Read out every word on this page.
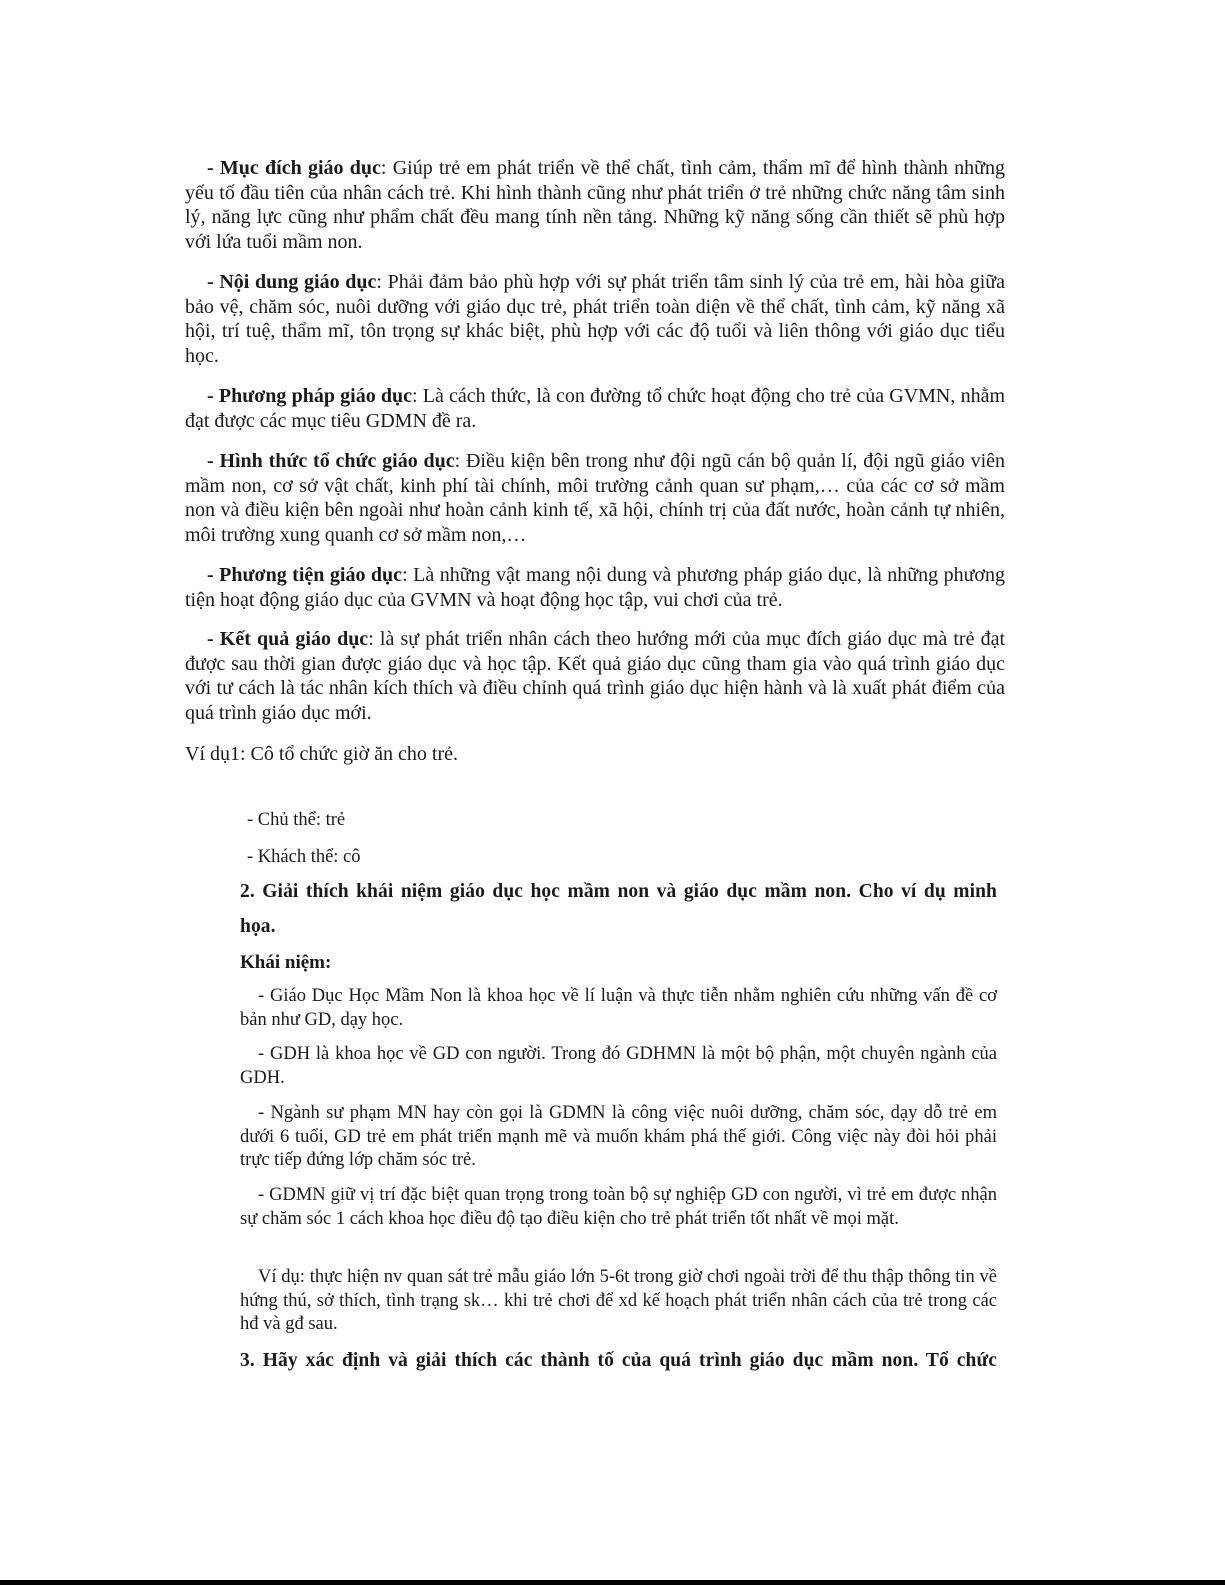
- Mục đích giáo dục: Giúp trẻ em phát triển về thể chất, tình cảm, thẩm mĩ để hình thành những yếu tố đầu tiên của nhân cách trẻ. Khi hình thành cũng như phát triển ở trẻ những chức năng tâm sinh lý, năng lực cũng như phẩm chất đều mang tính nền tảng. Những kỹ năng sống cần thiết sẽ phù hợp với lứa tuổi mầm non.

- Nội dung giáo dục: Phải đảm bảo phù hợp với sự phát triển tâm sinh lý của trẻ em, hài hòa giữa bảo vệ, chăm sóc, nuôi dưỡng với giáo dục trẻ, phát triển toàn diện về thể chất, tình cảm, kỹ năng xã hội, trí tuệ, thẩm mĩ, tôn trọng sự khác biệt, phù hợp với các độ tuổi và liên thông với giáo dục tiểu học.

- Phương pháp giáo dục: Là cách thức, là con đường tổ chức hoạt động cho trẻ của GVMN, nhằm đạt được các mục tiêu GDMN đề ra.

- Hình thức tổ chức giáo dục: Điều kiện bên trong như đội ngũ cán bộ quản lí, đội ngũ giáo viên mầm non, cơ sở vật chất, kinh phí tài chính, môi trường cảnh quan sư phạm,… của các cơ sở mầm non và điều kiện bên ngoài như hoàn cảnh kinh tế, xã hội, chính trị của đất nước, hoàn cảnh tự nhiên, môi trường xung quanh cơ sở mầm non,…

- Phương tiện giáo dục: Là những vật mang nội dung và phương pháp giáo dục, là những phương tiện hoạt động giáo dục của GVMN và hoạt động học tập, vui chơi của trẻ.

- Kết quả giáo dục: là sự phát triển nhân cách theo hướng mới của mục đích giáo dục mà trẻ đạt được sau thời gian được giáo dục và học tập. Kết quả giáo dục cũng tham gia vào quá trình giáo dục với tư cách là tác nhân kích thích và điều chỉnh quá trình giáo dục hiện hành và là xuất phát điểm của quá trình giáo dục mới.

Ví dụ1: Cô tổ chức giờ ăn cho trẻ.

- Chủ thể: trẻ

- Khách thể: cô

2. Giải thích khái niệm giáo dục học mầm non và giáo dục mầm non. Cho ví dụ minh

họa.

Khái niệm:

- Giáo Dục Học Mầm Non là khoa học về lí luận và thực tiễn nhằm nghiên cứu những vấn đề cơ bản như GD, dạy học.

- GDH là khoa học về GD con người. Trong đó GDHMN là một bộ phận, một chuyên ngành của GDH.

- Ngành sư phạm MN hay còn gọi là GDMN là công việc nuôi dưỡng, chăm sóc, dạy dỗ trẻ em dưới 6 tuổi, GD trẻ em phát triển mạnh mẽ và muốn khám phá thế giới. Công việc này đòi hỏi phải trực tiếp đứng lớp chăm sóc trẻ.

- GDMN giữ vị trí đặc biệt quan trọng trong toàn bộ sự nghiệp GD con người, vì trẻ em được nhận sự chăm sóc 1 cách khoa học điều độ tạo điều kiện cho trẻ phát triển tốt nhất về mọi mặt.

Ví dụ: thực hiện nv quan sát trẻ mẫu giáo lớn 5-6t trong giờ chơi ngoài trời để thu thập thông tin về hứng thú, sở thích, tình trạng sk… khi trẻ chơi để xd kế hoạch phát triển nhân cách của trẻ trong các hđ và gđ sau.

3. Hãy xác định và giải thích các thành tố của quá trình giáo dục mầm non. Tổ chức
